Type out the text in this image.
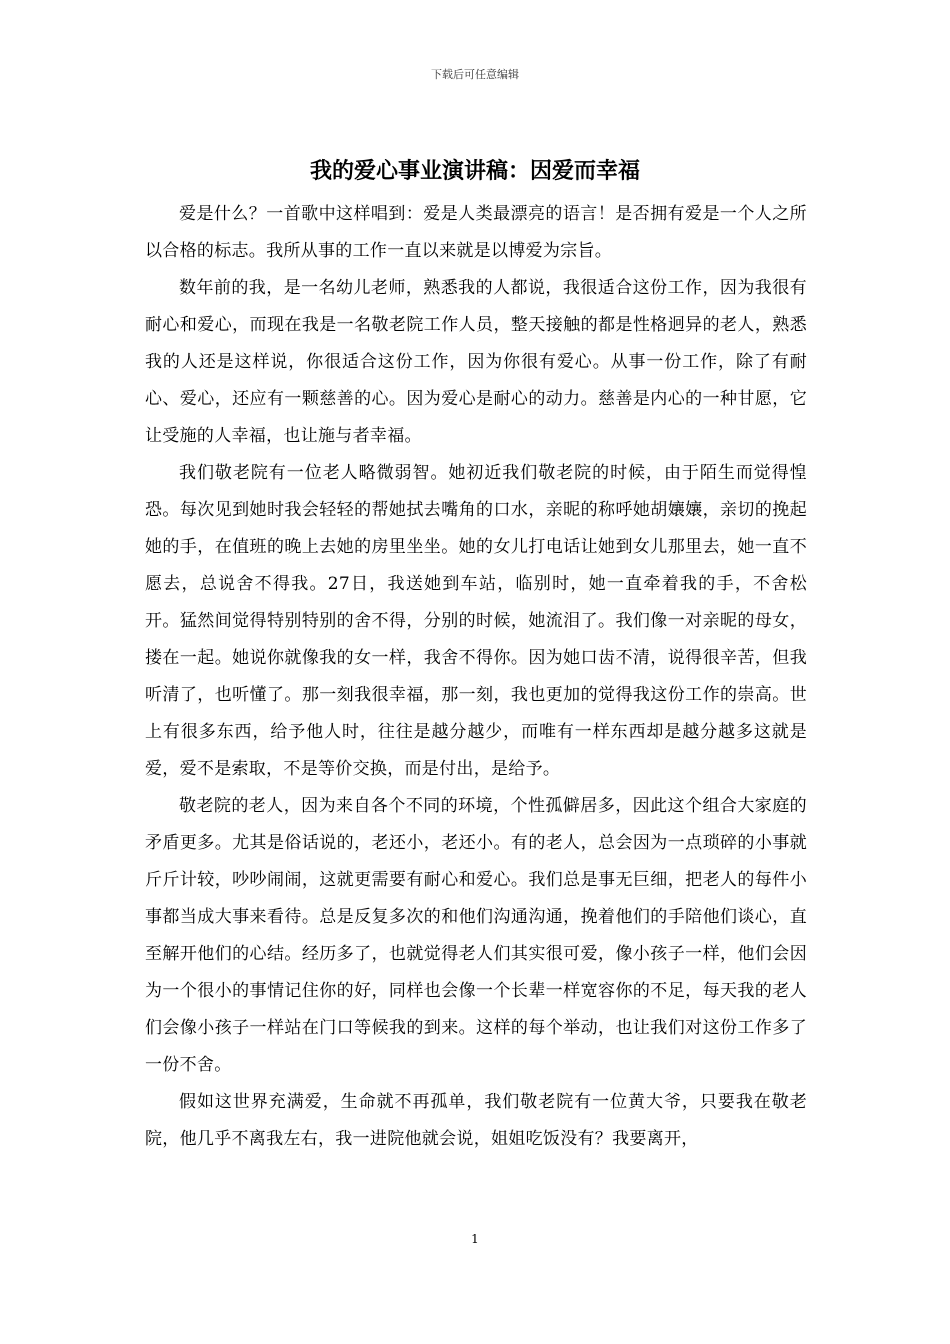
下载后可任意编辑
我的爱心事业演讲稿：因爱而幸福

爱是什么？一首歌中这样唱到：爱是人类最漂亮的语言！是否拥有爱是一个人之所以合格的标志。我所从事的工作一直以来就是以博爱为宗旨。

数年前的我，是一名幼儿老师，熟悉我的人都说，我很适合这份工作，因为我很有耐心和爱心，而现在我是一名敬老院工作人员，整天接触的都是性格迥异的老人，熟悉我的人还是这样说，你很适合这份工作，因为你很有爱心。从事一份工作，除了有耐心、爱心，还应有一颗慈善的心。因为爱心是耐心的动力。慈善是内心的一种甘愿，它让受施的人幸福，也让施与者幸福。

我们敬老院有一位老人略微弱智。她初近我们敬老院的时候，由于陌生而觉得惶恐。每次见到她时我会轻轻的帮她拭去嘴角的口水，亲昵的称呼她胡孃孃，亲切的挽起她的手，在值班的晚上去她的房里坐坐。她的女儿打电话让她到女儿那里去，她一直不愿去，总说舍不得我。27日，我送她到车站，临别时，她一直牵着我的手，不舍松开。猛然间觉得特别特别的舍不得，分别的时候，她流泪了。我们像一对亲昵的母女，搂在一起。她说你就像我的女一样，我舍不得你。因为她口齿不清，说得很辛苦，但我听清了，也听懂了。那一刻我很幸福，那一刻，我也更加的觉得我这份工作的崇高。世上有很多东西，给予他人时，往往是越分越少，而唯有一样东西却是越分越多这就是爱，爱不是索取，不是等价交换，而是付出，是给予。

敬老院的老人，因为来自各个不同的环境，个性孤僻居多，因此这个组合大家庭的矛盾更多。尤其是俗话说的，老还小，老还小。有的老人，总会因为一点琐碎的小事就斤斤计较，吵吵闹闹，这就更需要有耐心和爱心。我们总是事无巨细，把老人的每件小事都当成大事来看待。总是反复多次的和他们沟通沟通，挽着他们的手陪他们谈心，直至解开他们的心结。经历多了，也就觉得老人们其实很可爱，像小孩子一样，他们会因为一个很小的事情记住你的好，同样也会像一个长辈一样宽容你的不足，每天我的老人们会像小孩子一样站在门口等候我的到来。这样的每个举动，也让我们对这份工作多了一份不舍。

假如这世界充满爱，生命就不再孤单，我们敬老院有一位黄大爷，只要我在敬老院，他几乎不离我左右，我一进院他就会说，姐姐吃饭没有？我要离开，

1
